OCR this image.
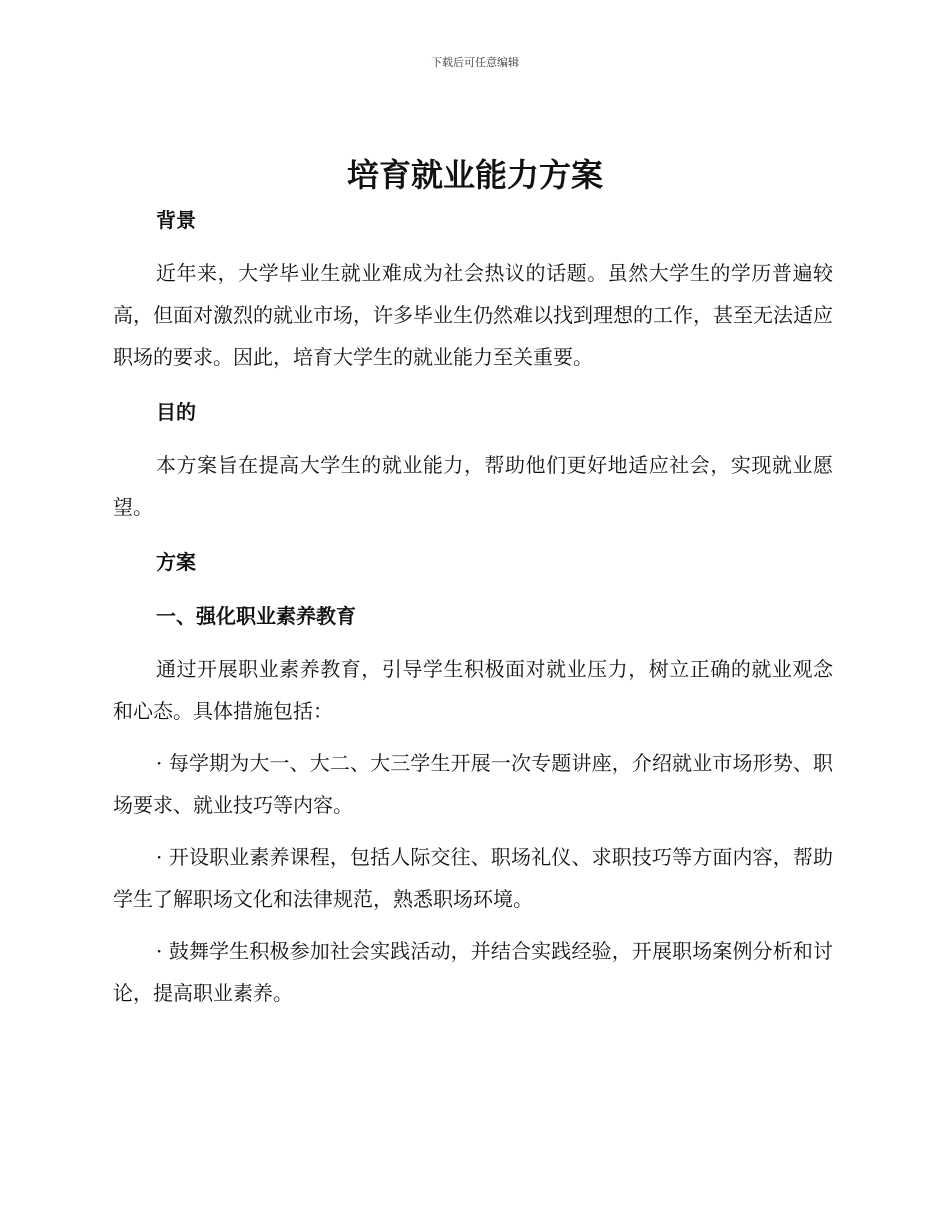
下载后可任意编辑
培育就业能力方案
背景

近年来，大学毕业生就业难成为社会热议的话题。虽然大学生的学历普遍较高，但面对激烈的就业市场，许多毕业生仍然难以找到理想的工作，甚至无法适应职场的要求。因此，培育大学生的就业能力至关重要。

目的

本方案旨在提高大学生的就业能力，帮助他们更好地适应社会，实现就业愿望。

方案
一、强化职业素养教育

通过开展职业素养教育，引导学生积极面对就业压力，树立正确的就业观念和心态。具体措施包括：

· 每学期为大一、大二、大三学生开展一次专题讲座，介绍就业市场形势、职场要求、就业技巧等内容。

· 开设职业素养课程，包括人际交往、职场礼仪、求职技巧等方面内容，帮助学生了解职场文化和法律规范，熟悉职场环境。

· 鼓舞学生积极参加社会实践活动，并结合实践经验，开展职场案例分析和讨论，提高职业素养。
